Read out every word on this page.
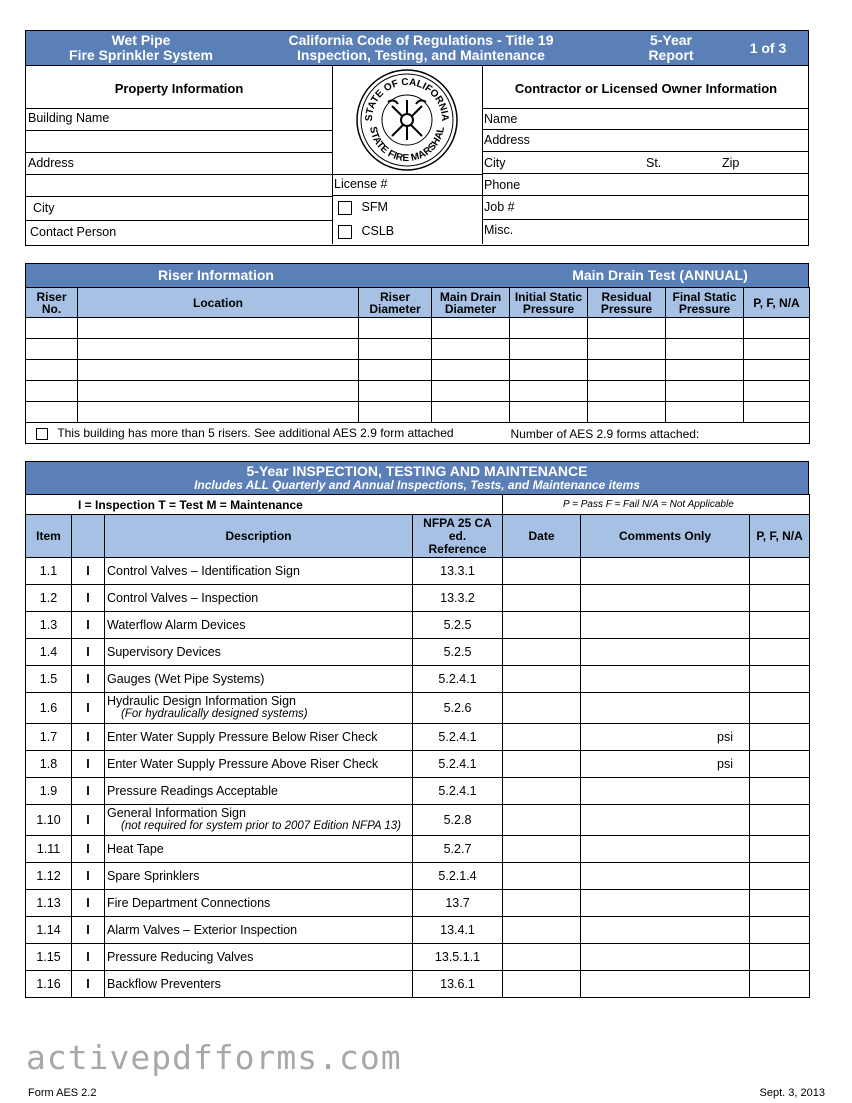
Wet Pipe
Fire Sprinkler System
California Code of Regulations - Title 19
Inspection, Testing, and Maintenance
5-Year
Report	1 of 3
Property Information
Building Name
Address
City
Contact Person
STATE OF CALIFORNIA
STATE FIRE MARSHAL
License #
SFM
CSLB
Contractor or Licensed Owner Information
Name
Address
City	St.	Zip
Phone
Job #
Misc.
Riser Information	Main Drain Test (ANNUAL)
Riser No.	Location	Riser Diameter	Main Drain Diameter	Initial Static Pressure	Residual Pressure	Final Static Pressure	P, F, N/A

This building has more than 5 risers. See additional AES 2.9 form attached Number of AES 2.9 forms attached:							
5-Year INSPECTION, TESTING AND MAINTENANCE
Includes ALL Quarterly and Annual Inspections, Tests, and Maintenance items
I = Inspection T = Test M = Maintenance				P = Pass F = Fail N/A = Not Applicable		
Item		Description	NFPA 25 CA
ed.
Reference	Date	Comments Only	P, F, N/A
1.1	I	Control Valves – Identification Sign	13.3.1			
1.2	I	Control Valves – Inspection	13.3.2			
1.3	I	Waterflow Alarm Devices	5.2.5			
1.4	I	Supervisory Devices	5.2.5			
1.5	I	Gauges (Wet Pipe Systems)	5.2.4.1			
1.6	I	Hydraulic Design Information Sign
(For hydraulically designed systems)	5.2.6			
1.7	I	Enter Water Supply Pressure Below Riser Check	5.2.4.1		psi	
1.8	I	Enter Water Supply Pressure Above Riser Check	5.2.4.1		psi	
1.9	I	Pressure Readings Acceptable	5.2.4.1			
1.10	I	General Information Sign
(not required for system prior to 2007 Edition NFPA 13)	5.2.8			
1.11	I	Heat Tape	5.2.7			
1.12	I	Spare Sprinklers	5.2.1.4			
1.13	I	Fire Department Connections	13.7			
1.14	I	Alarm Valves – Exterior Inspection	13.4.1			
1.15	I	Pressure Reducing Valves	13.5.1.1			
1.16	I	Backflow Preventers	13.6.1			
activepdfforms.com
Form AES 2.2	Sept. 3, 2013
